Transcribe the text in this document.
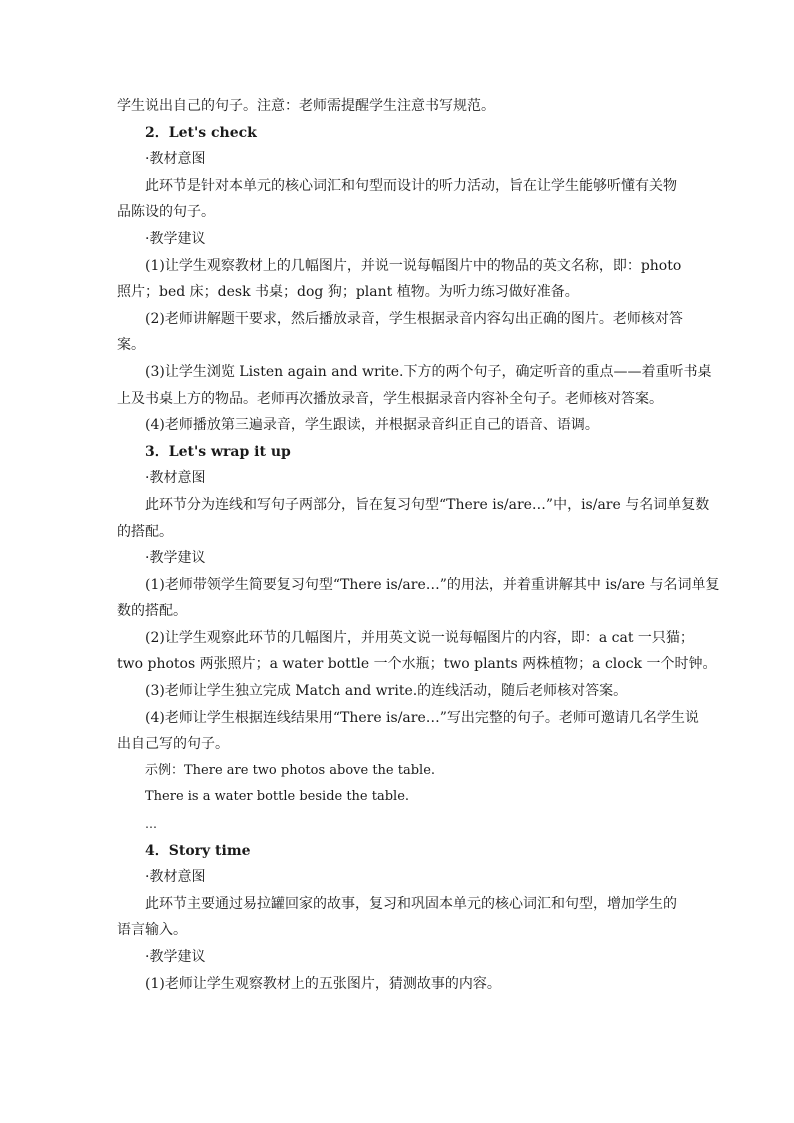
学生说出自己的句子。注意：老师需提醒学生注意书写规范。
2．Let's check
·教材意图
此环节是针对本单元的核心词汇和句型而设计的听力活动，旨在让学生能够听懂有关物
品陈设的句子。
·教学建议
(1)让学生观察教材上的几幅图片，并说一说每幅图片中的物品的英文名称，即：photo
照片；bed 床；desk 书桌；dog 狗；plant 植物。为听力练习做好准备。
(2)老师讲解题干要求，然后播放录音，学生根据录音内容勾出正确的图片。老师核对答
案。
(3)让学生浏览 Listen again and write.下方的两个句子，确定听音的重点——着重听书桌
上及书桌上方的物品。老师再次播放录音，学生根据录音内容补全句子。老师核对答案。
(4)老师播放第三遍录音，学生跟读，并根据录音纠正自己的语音、语调。
3．Let's wrap it up
·教材意图
此环节分为连线和写句子两部分，旨在复习句型“There is/are…”中，is/are 与名词单复数
的搭配。
·教学建议
(1)老师带领学生简要复习句型“There is/are…”的用法，并着重讲解其中 is/are 与名词单复
数的搭配。
(2)让学生观察此环节的几幅图片，并用英文说一说每幅图片的内容，即：a cat 一只猫；
two photos 两张照片；a water bottle 一个水瓶；two plants 两株植物；a clock 一个时钟。
(3)老师让学生独立完成 Match and write.的连线活动，随后老师核对答案。
(4)老师让学生根据连线结果用“There is/are…”写出完整的句子。老师可邀请几名学生说
出自己写的句子。
示例：There are two photos above the table.
There is a water bottle beside the table.
…
4．Story time
·教材意图
此环节主要通过易拉罐回家的故事，复习和巩固本单元的核心词汇和句型，增加学生的
语言输入。
·教学建议
(1)老师让学生观察教材上的五张图片，猜测故事的内容。
